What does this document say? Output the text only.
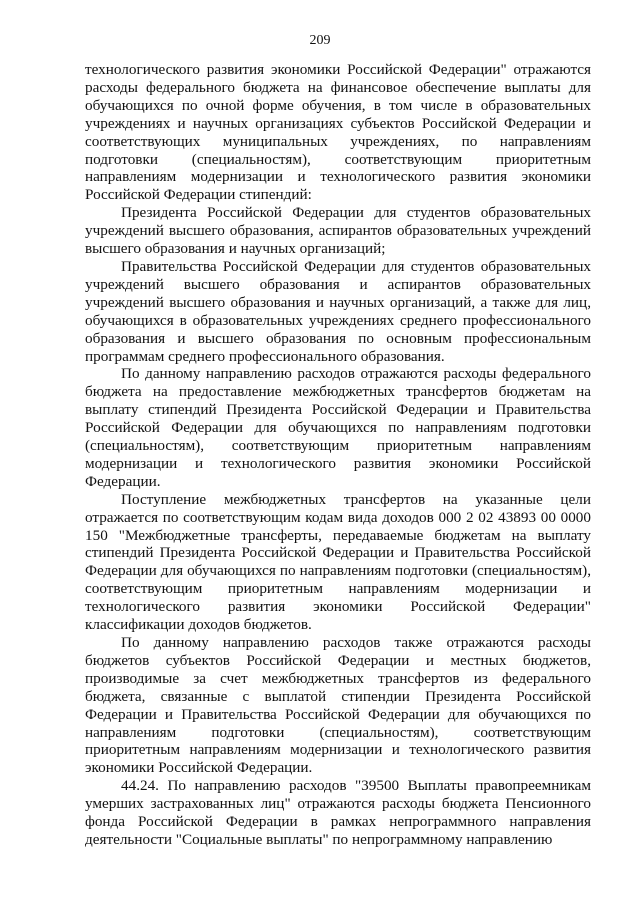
209

технологического развития экономики Российской Федерации" отражаются расходы федерального бюджета на финансовое обеспечение выплаты для обучающихся по очной форме обучения, в том числе в образовательных учреждениях и научных организациях субъектов Российской Федерации и соответствующих муниципальных учреждениях, по направлениям подготовки (специальностям), соответствующим приоритетным направлениям модернизации и технологического развития экономики Российской Федерации стипендий:

Президента Российской Федерации для студентов образовательных учреждений высшего образования, аспирантов образовательных учреждений высшего образования и научных организаций;

Правительства Российской Федерации для студентов образовательных учреждений высшего образования и аспирантов образовательных учреждений высшего образования и научных организаций, а также для лиц, обучающихся в образовательных учреждениях среднего профессионального образования и высшего образования по основным профессиональным программам среднего профессионального образования.

По данному направлению расходов отражаются расходы федерального бюджета на предоставление межбюджетных трансфертов бюджетам на выплату стипендий Президента Российской Федерации и Правительства Российской Федерации для обучающихся по направлениям подготовки (специальностям), соответствующим приоритетным направлениям модернизации и технологического развития экономики Российской Федерации.

Поступление межбюджетных трансфертов на указанные цели отражается по соответствующим кодам вида доходов 000 2 02 43893 00 0000 150 "Межбюджетные трансферты, передаваемые бюджетам на выплату стипендий Президента Российской Федерации и Правительства Российской Федерации для обучающихся по направлениям подготовки (специальностям), соответствующим приоритетным направлениям модернизации и технологического развития экономики Российской Федерации" классификации доходов бюджетов.

По данному направлению расходов также отражаются расходы бюджетов субъектов Российской Федерации и местных бюджетов, производимые за счет межбюджетных трансфертов из федерального бюджета, связанные с выплатой стипендии Президента Российской Федерации и Правительства Российской Федерации для обучающихся по направлениям подготовки (специальностям), соответствующим приоритетным направлениям модернизации и технологического развития экономики Российской Федерации.

44.24. По направлению расходов "39500 Выплаты правопреемникам умерших застрахованных лиц" отражаются расходы бюджета Пенсионного фонда Российской Федерации в рамках непрограммного направления деятельности "Социальные выплаты" по непрограммному направлению
